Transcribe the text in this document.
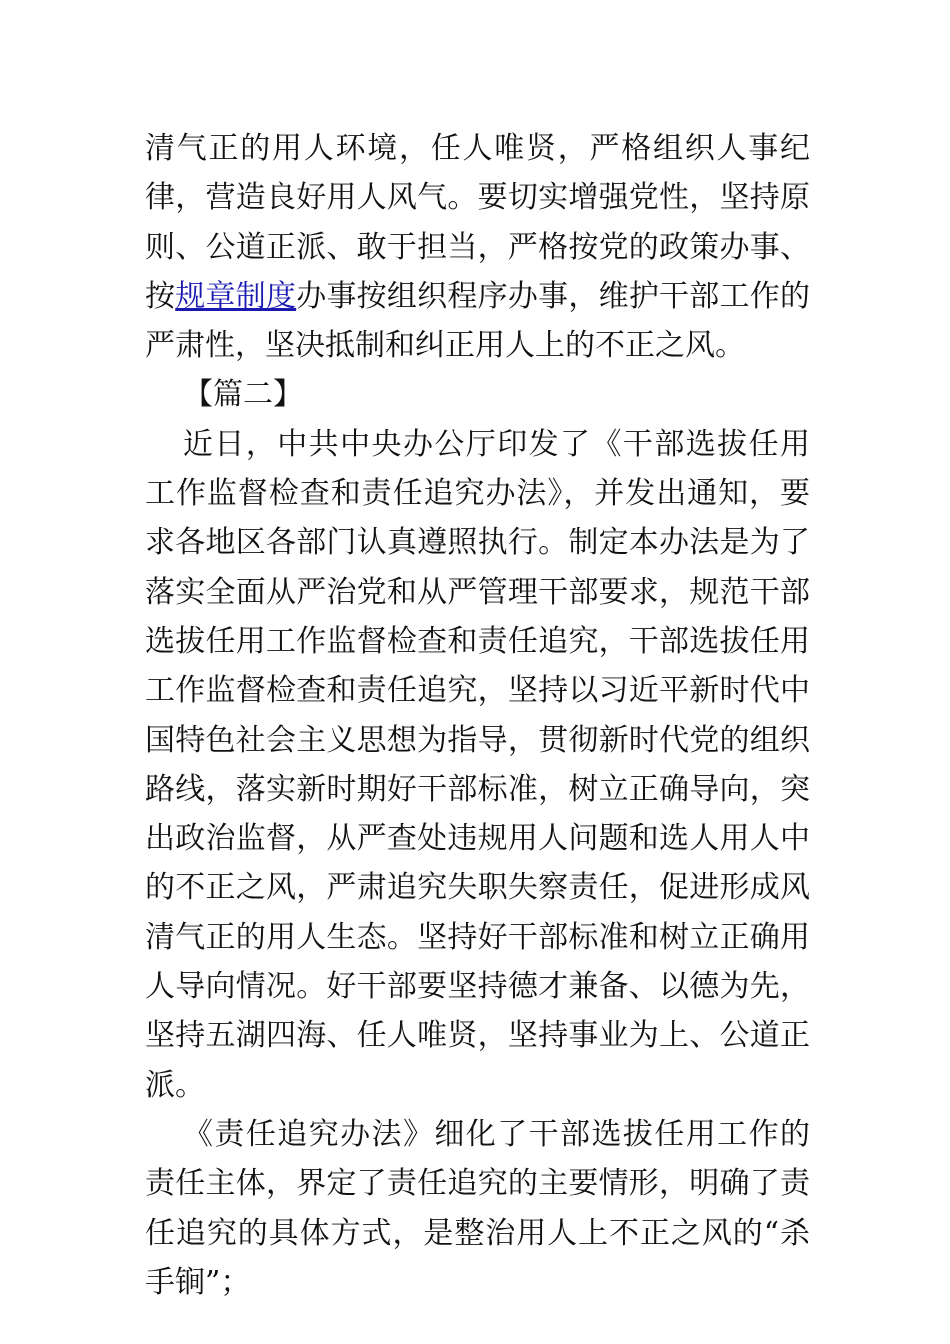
清气正的用人环境，任人唯贤，严格组织人事纪律，营造良好用人风气。要切实增强党性，坚持原则、公道正派、敢于担当，严格按党的政策办事、按规章制度办事按组织程序办事，维护干部工作的严肃性，坚决抵制和纠正用人上的不正之风。

【篇二】

近日，中共中央办公厅印发了《干部选拔任用工作监督检查和责任追究办法》，并发出通知，要求各地区各部门认真遵照执行。制定本办法是为了落实全面从严治党和从严管理干部要求，规范干部选拔任用工作监督检查和责任追究，干部选拔任用工作监督检查和责任追究，坚持以习近平新时代中国特色社会主义思想为指导，贯彻新时代党的组织路线，落实新时期好干部标准，树立正确导向，突出政治监督，从严查处违规用人问题和选人用人中的不正之风，严肃追究失职失察责任，促进形成风清气正的用人生态。坚持好干部标准和树立正确用人导向情况。好干部要坚持德才兼备、以德为先，坚持五湖四海、任人唯贤，坚持事业为上、公道正派。

《责任追究办法》细化了干部选拔任用工作的责任主体，界定了责任追究的主要情形，明确了责任追究的具体方式，是整治用人上不正之风的“杀手锏”；
